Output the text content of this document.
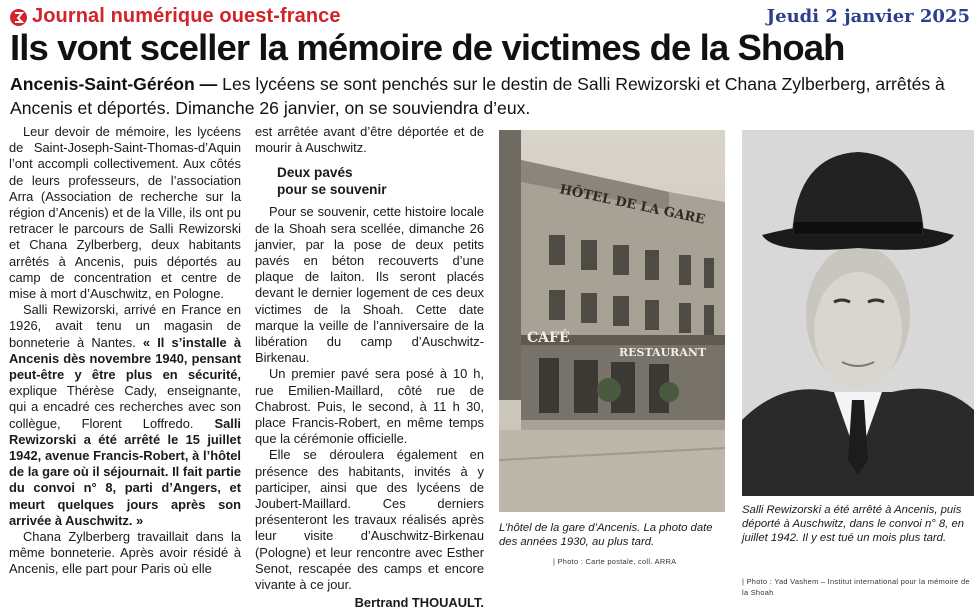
Journal numérique ouest-france	Jeudi 2 janvier 2025
Ils vont sceller la mémoire de victimes de la Shoah
Ancenis-Saint-Géréon — Les lycéens se sont penchés sur le destin de Salli Rewizorski et Chana Zylberberg, arrêtés à Ancenis et déportés. Dimanche 26 janvier, on se souviendra d’eux.

Leur devoir de mémoire, les lycéens de Saint-Joseph-Saint-Thomas-d’Aquin l’ont accompli collectivement. Aux côtés de leurs professeurs, de l’association Arra (Association de recherche sur la région d’Ancenis) et de la Ville, ils ont pu retracer le parcours de Salli Rewizorski et Chana Zylberberg, deux habitants arrêtés à Ancenis, puis déportés au camp de concentration et centre de mise à mort d’Auschwitz, en Pologne.

Salli Rewizorski, arrivé en France en 1926, avait tenu un magasin de bonneterie à Nantes. « Il s’installe à Ancenis dès novembre 1940, pensant peut-être y être plus en sécurité, explique Thérèse Cady, enseignante, qui a encadré ces recherches avec son collègue, Florent Loffredo. Salli Rewizorski a été arrêté le 15 juillet 1942, avenue Francis-Robert, à l’hôtel de la gare où il séjournait. Il fait partie du convoi n° 8, parti d’Angers, et meurt quelques jours après son arrivée à Auschwitz. »

Chana Zylberberg travaillait dans la même bonneterie. Après avoir résidé à Ancenis, elle part pour Paris où elle

est arrêtée avant d’être déportée et de mourir à Auschwitz.

Deux pavés
pour se souvenir

Pour se souvenir, cette histoire locale de la Shoah sera scellée, dimanche 26 janvier, par la pose de deux petits pavés en béton recouverts d’une plaque de laiton. Ils seront placés devant le dernier logement de ces deux victimes de la Shoah. Cette date marque la veille de l’anniversaire de la libération du camp d’Auschwitz-Birkenau.

Un premier pavé sera posé à 10 h, rue Emilien-Maillard, côté rue de Chabrost. Puis, le second, à 11 h 30, place Francis-Robert, en même temps que la cérémonie officielle.

Elle se déroulera également en présence des habitants, invités à y participer, ainsi que des lycéens de Joubert-Maillard. Ces derniers présenteront les travaux réalisés après leur visite d’Auschwitz-Birkenau (Pologne) et leur rencontre avec Esther Senot, rescapée des camps et encore vivante à ce jour.

Bertrand THOUAULT.

HÔTEL DE LA GARE
CAFÉ
RESTAURANT
L’hôtel de la gare d’Ancenis. La photo date des années 1930, au plus tard.
| Photo : Carte postale, coll. ARRA
Salli Rewizorski a été arrêté à Ancenis, puis déporté à Auschwitz, dans le convoi n° 8, en juillet 1942. Il y est tué un mois plus tard.
| Photo : Yad Vashem – Institut international pour la mémoire de la Shoah
